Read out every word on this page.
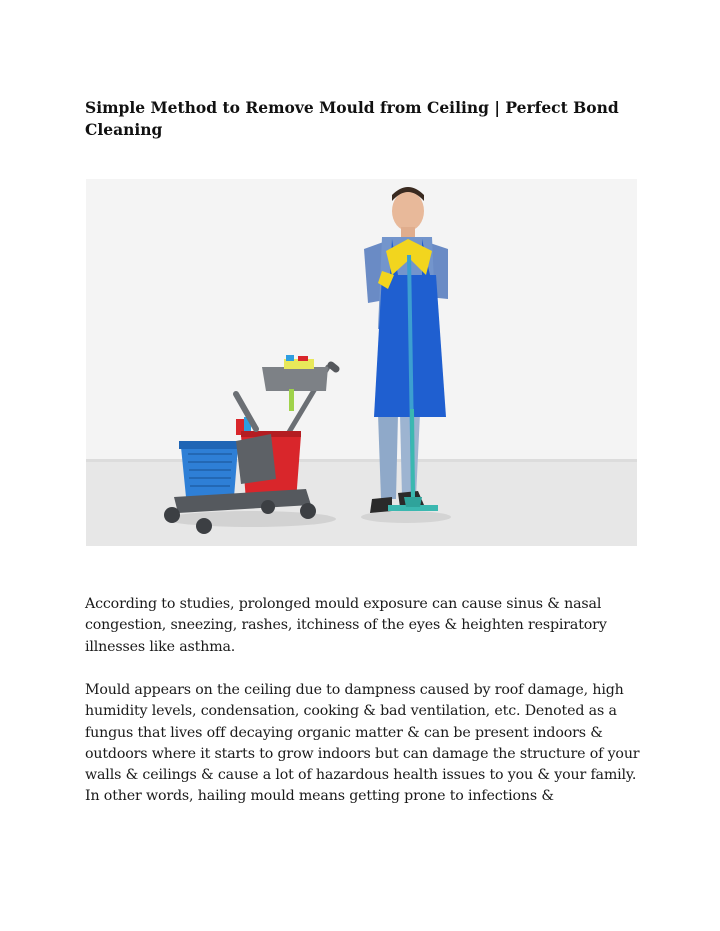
Simple Method to Remove Mould from Ceiling | Perfect Bond Cleaning

According to studies, prolonged mould exposure can cause sinus & nasal congestion, sneezing, rashes, itchiness of the eyes & heighten respiratory illnesses like asthma.

Mould appears on the ceiling due to dampness caused by roof damage, high humidity levels, condensation, cooking & bad ventilation, etc. Denoted as a fungus that lives off decaying organic matter & can be present indoors & outdoors where it starts to grow indoors but can damage the structure of your walls & ceilings & cause a lot of hazardous health issues to you & your family. In other words, hailing mould means getting prone to infections &
